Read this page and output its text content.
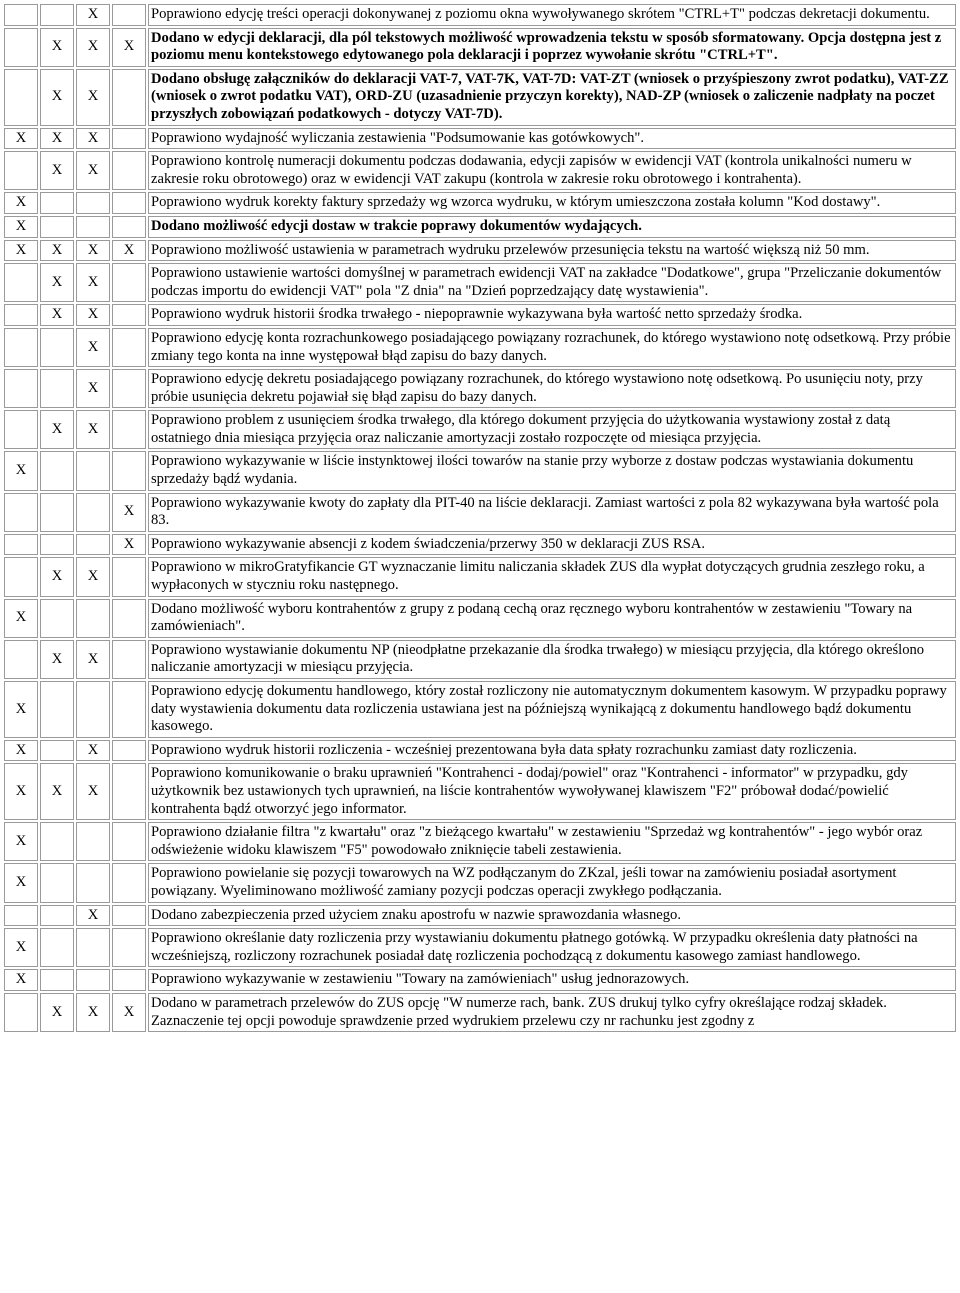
		X		Poprawiono edycję treści operacji dokonywanej z poziomu okna wywoływanego skrótem "CTRL+T" podczas dekretacji dokumentu.
	X	X	X	Dodano w edycji deklaracji, dla pól tekstowych możliwość wprowadzenia tekstu w sposób sformatowany. Opcja dostępna jest z poziomu menu kontekstowego edytowanego pola deklaracji i poprzez wywołanie skrótu "CTRL+T".
	X	X		Dodano obsługę załączników do deklaracji VAT-7, VAT-7K, VAT-7D: VAT-ZT (wniosek o przyśpieszony zwrot podatku), VAT-ZZ (wniosek o zwrot podatku VAT), ORD-ZU (uzasadnienie przyczyn korekty), NAD-ZP (wniosek o zaliczenie nadpłaty na poczet przyszłych zobowiązań podatkowych - dotyczy VAT-7D).
X	X	X		Poprawiono wydajność wyliczania zestawienia "Podsumowanie kas gotówkowych".
	X	X		Poprawiono kontrolę numeracji dokumentu podczas dodawania, edycji zapisów w ewidencji VAT (kontrola unikalności numeru w zakresie roku obrotowego) oraz w ewidencji VAT zakupu (kontrola w zakresie roku obrotowego i kontrahenta).
X				Poprawiono wydruk korekty faktury sprzedaży wg wzorca wydruku, w którym umieszczona została kolumn "Kod dostawy".
X				Dodano możliwość edycji dostaw w trakcie poprawy dokumentów wydających.
X	X	X	X	Poprawiono możliwość ustawienia w parametrach wydruku przelewów przesunięcia tekstu na wartość większą niż 50 mm.
	X	X		Poprawiono ustawienie wartości domyślnej w parametrach ewidencji VAT na zakładce "Dodatkowe", grupa "Przeliczanie dokumentów podczas importu do ewidencji VAT" pola "Z dnia" na "Dzień poprzedzający datę wystawienia".
	X	X		Poprawiono wydruk historii środka trwałego - niepoprawnie wykazywana była wartość netto sprzedaży środka.
		X		Poprawiono edycję konta rozrachunkowego posiadającego powiązany rozrachunek, do którego wystawiono notę odsetkową. Przy próbie zmiany tego konta na inne występował błąd zapisu do bazy danych.
		X		Poprawiono edycję dekretu posiadającego powiązany rozrachunek, do którego wystawiono notę odsetkową. Po usunięciu noty, przy próbie usunięcia dekretu pojawiał się błąd zapisu do bazy danych.
	X	X		Poprawiono problem z usunięciem środka trwałego, dla którego dokument przyjęcia do użytkowania wystawiony został z datą ostatniego dnia miesiąca przyjęcia oraz naliczanie amortyzacji zostało rozpoczęte od miesiąca przyjęcia.
X				Poprawiono wykazywanie w liście instynktowej ilości towarów na stanie przy wyborze z dostaw podczas wystawiania dokumentu sprzedaży bądź wydania.
			X	Poprawiono wykazywanie kwoty do zapłaty dla PIT-40 na liście deklaracji. Zamiast wartości z pola 82 wykazywana była wartość pola 83.
			X	Poprawiono wykazywanie absencji z kodem świadczenia/przerwy 350 w deklaracji ZUS RSA.
	X	X		Poprawiono w mikroGratyfikancie GT wyznaczanie limitu naliczania składek ZUS dla wypłat dotyczących grudnia zeszłego roku, a wypłaconych w styczniu roku następnego.
X				Dodano możliwość wyboru kontrahentów z grupy z podaną cechą oraz ręcznego wyboru kontrahentów w zestawieniu "Towary na zamówieniach".
	X	X		Poprawiono wystawianie dokumentu NP (nieodpłatne przekazanie dla środka trwałego) w miesiącu przyjęcia, dla którego określono naliczanie amortyzacji w miesiącu przyjęcia.
X				Poprawiono edycję dokumentu handlowego, który został rozliczony nie automatycznym dokumentem kasowym. W przypadku poprawy daty wystawienia dokumentu data rozliczenia ustawiana jest na późniejszą wynikającą z dokumentu handlowego bądź dokumentu kasowego.
X		X		Poprawiono wydruk historii rozliczenia - wcześniej prezentowana była data spłaty rozrachunku zamiast daty rozliczenia.
X	X	X		Poprawiono komunikowanie o braku uprawnień "Kontrahenci - dodaj/powiel" oraz "Kontrahenci - informator" w przypadku, gdy użytkownik bez ustawionych tych uprawnień, na liście kontrahentów wywoływanej klawiszem "F2" próbował dodać/powielić kontrahenta bądź otworzyć jego informator.
X				Poprawiono działanie filtra "z kwartału" oraz "z bieżącego kwartału" w zestawieniu "Sprzedaż wg kontrahentów" - jego wybór oraz odświeżenie widoku klawiszem "F5" powodowało zniknięcie tabeli zestawienia.
X				Poprawiono powielanie się pozycji towarowych na WZ podłączanym do ZKzal, jeśli towar na zamówieniu posiadał asortyment powiązany. Wyeliminowano możliwość zamiany pozycji podczas operacji zwykłego podłączania.
		X		Dodano zabezpieczenia przed użyciem znaku apostrofu w nazwie sprawozdania własnego.
X				Poprawiono określanie daty rozliczenia przy wystawianiu dokumentu płatnego gotówką. W przypadku określenia daty płatności na wcześniejszą, rozliczony rozrachunek posiadał datę rozliczenia pochodzącą z dokumentu kasowego zamiast handlowego.
X				Poprawiono wykazywanie w zestawieniu "Towary na zamówieniach" usług jednorazowych.
	X	X	X	Dodano w parametrach przelewów do ZUS opcję "W numerze rach, bank. ZUS drukuj tylko cyfry określające rodzaj składek. Zaznaczenie tej opcji powoduje sprawdzenie przed wydrukiem przelewu czy nr rachunku jest zgodny z
